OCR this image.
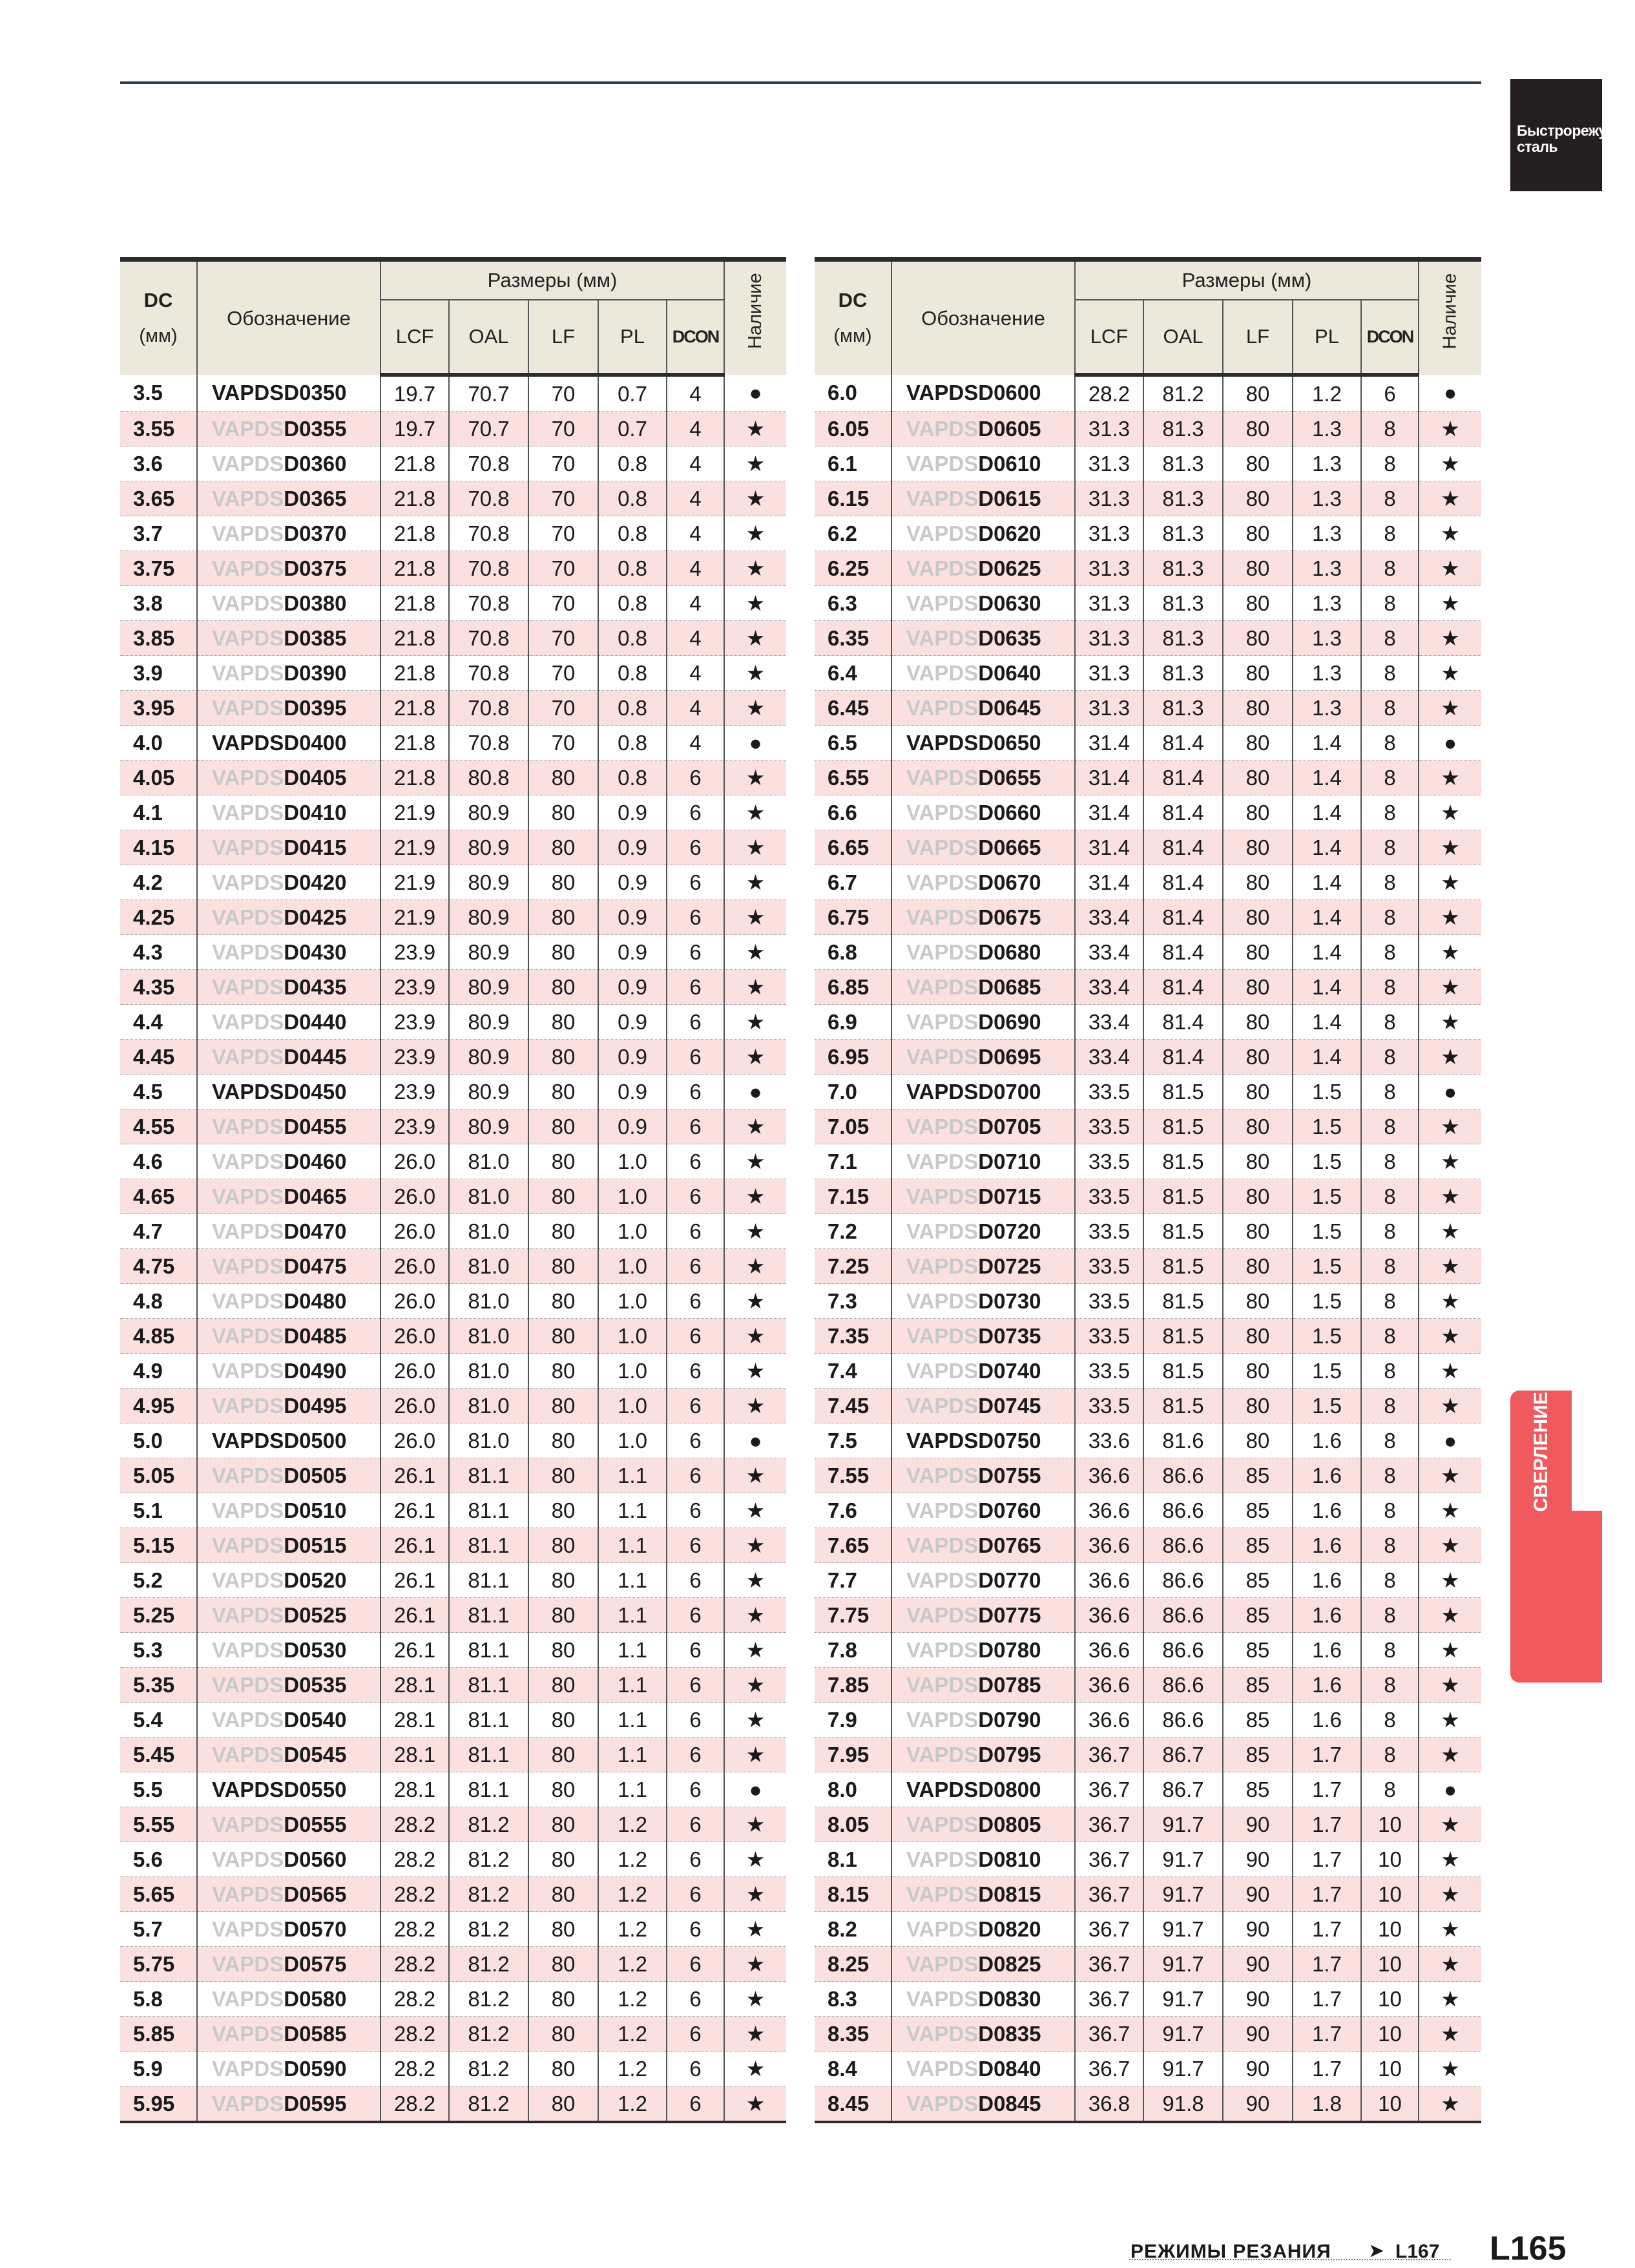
Быстрорежущая
сталь
СВЕРЛЕНИЕ
DC
(мм)	Обозначение	Размеры (мм)					Наличие

		LCF	OAL	LF	PL	DCON	
3.5	VAPDSD0350	19.7	70.7	70	0.7	4	●
3.55	VAPDSD0355	19.7	70.7	70	0.7	4	★
3.6	VAPDSD0360	21.8	70.8	70	0.8	4	★
3.65	VAPDSD0365	21.8	70.8	70	0.8	4	★
3.7	VAPDSD0370	21.8	70.8	70	0.8	4	★
3.75	VAPDSD0375	21.8	70.8	70	0.8	4	★
3.8	VAPDSD0380	21.8	70.8	70	0.8	4	★
3.85	VAPDSD0385	21.8	70.8	70	0.8	4	★
3.9	VAPDSD0390	21.8	70.8	70	0.8	4	★
3.95	VAPDSD0395	21.8	70.8	70	0.8	4	★
4.0	VAPDSD0400	21.8	70.8	70	0.8	4	●
4.05	VAPDSD0405	21.8	80.8	80	0.8	6	★
4.1	VAPDSD0410	21.9	80.9	80	0.9	6	★
4.15	VAPDSD0415	21.9	80.9	80	0.9	6	★
4.2	VAPDSD0420	21.9	80.9	80	0.9	6	★
4.25	VAPDSD0425	21.9	80.9	80	0.9	6	★
4.3	VAPDSD0430	23.9	80.9	80	0.9	6	★
4.35	VAPDSD0435	23.9	80.9	80	0.9	6	★
4.4	VAPDSD0440	23.9	80.9	80	0.9	6	★
4.45	VAPDSD0445	23.9	80.9	80	0.9	6	★
4.5	VAPDSD0450	23.9	80.9	80	0.9	6	●
4.55	VAPDSD0455	23.9	80.9	80	0.9	6	★
4.6	VAPDSD0460	26.0	81.0	80	1.0	6	★
4.65	VAPDSD0465	26.0	81.0	80	1.0	6	★
4.7	VAPDSD0470	26.0	81.0	80	1.0	6	★
4.75	VAPDSD0475	26.0	81.0	80	1.0	6	★
4.8	VAPDSD0480	26.0	81.0	80	1.0	6	★
4.85	VAPDSD0485	26.0	81.0	80	1.0	6	★
4.9	VAPDSD0490	26.0	81.0	80	1.0	6	★
4.95	VAPDSD0495	26.0	81.0	80	1.0	6	★
5.0	VAPDSD0500	26.0	81.0	80	1.0	6	●
5.05	VAPDSD0505	26.1	81.1	80	1.1	6	★
5.1	VAPDSD0510	26.1	81.1	80	1.1	6	★
5.15	VAPDSD0515	26.1	81.1	80	1.1	6	★
5.2	VAPDSD0520	26.1	81.1	80	1.1	6	★
5.25	VAPDSD0525	26.1	81.1	80	1.1	6	★
5.3	VAPDSD0530	26.1	81.1	80	1.1	6	★
5.35	VAPDSD0535	28.1	81.1	80	1.1	6	★
5.4	VAPDSD0540	28.1	81.1	80	1.1	6	★
5.45	VAPDSD0545	28.1	81.1	80	1.1	6	★
5.5	VAPDSD0550	28.1	81.1	80	1.1	6	●
5.55	VAPDSD0555	28.2	81.2	80	1.2	6	★
5.6	VAPDSD0560	28.2	81.2	80	1.2	6	★
5.65	VAPDSD0565	28.2	81.2	80	1.2	6	★
5.7	VAPDSD0570	28.2	81.2	80	1.2	6	★
5.75	VAPDSD0575	28.2	81.2	80	1.2	6	★
5.8	VAPDSD0580	28.2	81.2	80	1.2	6	★
5.85	VAPDSD0585	28.2	81.2	80	1.2	6	★
5.9	VAPDSD0590	28.2	81.2	80	1.2	6	★
5.95	VAPDSD0595	28.2	81.2	80	1.2	6	★
DC
(мм)	Обозначение	Размеры (мм)					Наличие

		LCF	OAL	LF	PL	DCON	
6.0	VAPDSD0600	28.2	81.2	80	1.2	6	●
6.05	VAPDSD0605	31.3	81.3	80	1.3	8	★
6.1	VAPDSD0610	31.3	81.3	80	1.3	8	★
6.15	VAPDSD0615	31.3	81.3	80	1.3	8	★
6.2	VAPDSD0620	31.3	81.3	80	1.3	8	★
6.25	VAPDSD0625	31.3	81.3	80	1.3	8	★
6.3	VAPDSD0630	31.3	81.3	80	1.3	8	★
6.35	VAPDSD0635	31.3	81.3	80	1.3	8	★
6.4	VAPDSD0640	31.3	81.3	80	1.3	8	★
6.45	VAPDSD0645	31.3	81.3	80	1.3	8	★
6.5	VAPDSD0650	31.4	81.4	80	1.4	8	●
6.55	VAPDSD0655	31.4	81.4	80	1.4	8	★
6.6	VAPDSD0660	31.4	81.4	80	1.4	8	★
6.65	VAPDSD0665	31.4	81.4	80	1.4	8	★
6.7	VAPDSD0670	31.4	81.4	80	1.4	8	★
6.75	VAPDSD0675	33.4	81.4	80	1.4	8	★
6.8	VAPDSD0680	33.4	81.4	80	1.4	8	★
6.85	VAPDSD0685	33.4	81.4	80	1.4	8	★
6.9	VAPDSD0690	33.4	81.4	80	1.4	8	★
6.95	VAPDSD0695	33.4	81.4	80	1.4	8	★
7.0	VAPDSD0700	33.5	81.5	80	1.5	8	●
7.05	VAPDSD0705	33.5	81.5	80	1.5	8	★
7.1	VAPDSD0710	33.5	81.5	80	1.5	8	★
7.15	VAPDSD0715	33.5	81.5	80	1.5	8	★
7.2	VAPDSD0720	33.5	81.5	80	1.5	8	★
7.25	VAPDSD0725	33.5	81.5	80	1.5	8	★
7.3	VAPDSD0730	33.5	81.5	80	1.5	8	★
7.35	VAPDSD0735	33.5	81.5	80	1.5	8	★
7.4	VAPDSD0740	33.5	81.5	80	1.5	8	★
7.45	VAPDSD0745	33.5	81.5	80	1.5	8	★
7.5	VAPDSD0750	33.6	81.6	80	1.6	8	●
7.55	VAPDSD0755	36.6	86.6	85	1.6	8	★
7.6	VAPDSD0760	36.6	86.6	85	1.6	8	★
7.65	VAPDSD0765	36.6	86.6	85	1.6	8	★
7.7	VAPDSD0770	36.6	86.6	85	1.6	8	★
7.75	VAPDSD0775	36.6	86.6	85	1.6	8	★
7.8	VAPDSD0780	36.6	86.6	85	1.6	8	★
7.85	VAPDSD0785	36.6	86.6	85	1.6	8	★
7.9	VAPDSD0790	36.6	86.6	85	1.6	8	★
7.95	VAPDSD0795	36.7	86.7	85	1.7	8	★
8.0	VAPDSD0800	36.7	86.7	85	1.7	8	●
8.05	VAPDSD0805	36.7	91.7	90	1.7	10	★
8.1	VAPDSD0810	36.7	91.7	90	1.7	10	★
8.15	VAPDSD0815	36.7	91.7	90	1.7	10	★
8.2	VAPDSD0820	36.7	91.7	90	1.7	10	★
8.25	VAPDSD0825	36.7	91.7	90	1.7	10	★
8.3	VAPDSD0830	36.7	91.7	90	1.7	10	★
8.35	VAPDSD0835	36.7	91.7	90	1.7	10	★
8.4	VAPDSD0840	36.7	91.7	90	1.7	10	★
8.45	VAPDSD0845	36.8	91.8	90	1.8	10	★
РЕЖИМЫ РЕЗАНИЯ ➤ L167 L165
